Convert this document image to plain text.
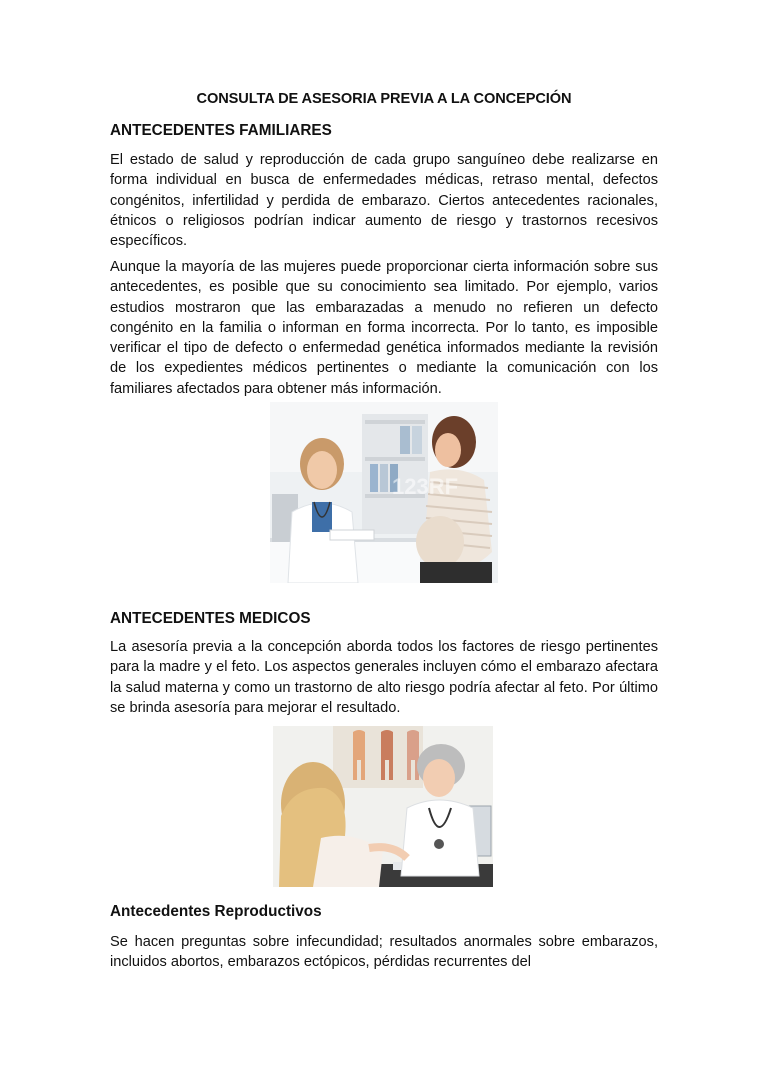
CONSULTA DE ASESORIA PREVIA A LA CONCEPCIÓN
ANTECEDENTES FAMILIARES

El estado de salud y reproducción de cada grupo sanguíneo debe realizarse en forma individual en busca de enfermedades médicas, retraso mental, defectos congénitos, infertilidad y perdida de embarazo. Ciertos antecedentes racionales, étnicos o religiosos podrían indicar aumento de riesgo y trastornos recesivos específicos.

Aunque la mayoría de las mujeres puede proporcionar cierta información sobre sus antecedentes, es posible que su conocimiento sea limitado. Por ejemplo, varios estudios mostraron que las embarazadas a menudo no refieren un defecto congénito en la familia o informan en forma incorrecta. Por lo tanto, es imposible verificar el tipo de defecto o enfermedad genética informados mediante la revisión de los expedientes médicos pertinentes o mediante la comunicación con los familiares afectados para obtener más información.

123RF
ANTECEDENTES MEDICOS

La asesoría previa a la concepción aborda todos los factores de riesgo pertinentes para la madre y el feto. Los aspectos generales incluyen cómo el embarazo afectara la salud materna y como un trastorno de alto riesgo podría afectar al feto. Por último se brinda asesoría para mejorar el resultado.

Antecedentes Reproductivos

Se hacen preguntas sobre infecundidad; resultados anormales sobre embarazos, incluidos abortos, embarazos ectópicos, pérdidas recurrentes del
